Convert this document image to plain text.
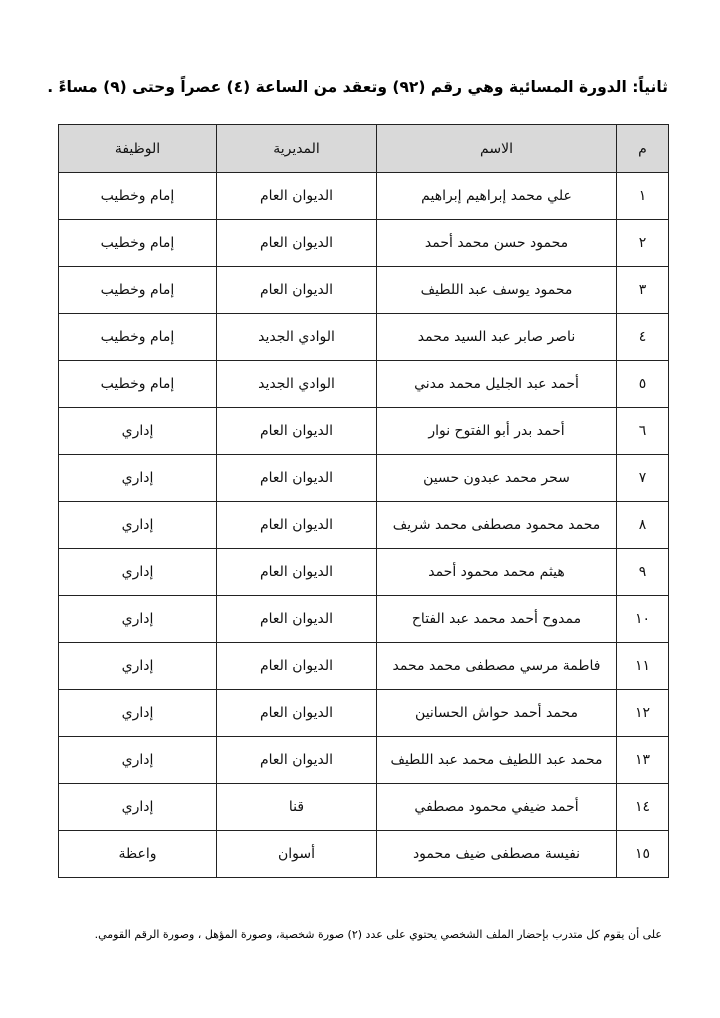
ثانياً: الدورة المسائية وهي رقم (٩٢) وتعقد من الساعة (٤) عصراً وحتى (٩) مساءً .
م	الاسم	المديرية	الوظيفة
١	علي محمد إبراهيم إبراهيم	الديوان العام	إمام وخطيب
٢	محمود حسن محمد أحمد	الديوان العام	إمام وخطيب
٣	محمود يوسف عبد اللطيف	الديوان العام	إمام وخطيب
٤	ناصر صابر عبد السيد محمد	الوادي الجديد	إمام وخطيب
٥	أحمد عبد الجليل محمد مدني	الوادي الجديد	إمام وخطيب
٦	أحمد بدر أبو الفتوح نوار	الديوان العام	إداري
٧	سحر محمد عبدون حسين	الديوان العام	إداري
٨	محمد محمود مصطفى محمد شريف	الديوان العام	إداري
٩	هيثم محمد محمود أحمد	الديوان العام	إداري
١٠	ممدوح أحمد محمد عبد الفتاح	الديوان العام	إداري
١١	فاطمة مرسي مصطفى محمد محمد	الديوان العام	إداري
١٢	محمد أحمد حواش الحسانين	الديوان العام	إداري
١٣	محمد عبد اللطيف محمد عبد اللطيف	الديوان العام	إداري
١٤	أحمد ضيفي محمود مصطفي	قنا	إداري
١٥	نفيسة مصطفى ضيف محمود	أسوان	واعظة
على أن يقوم كل متدرب بإحضار الملف الشخصي يحتوي على عدد (٢) صورة شخصية، وصورة المؤهل ، وصورة الرقم القومي.
